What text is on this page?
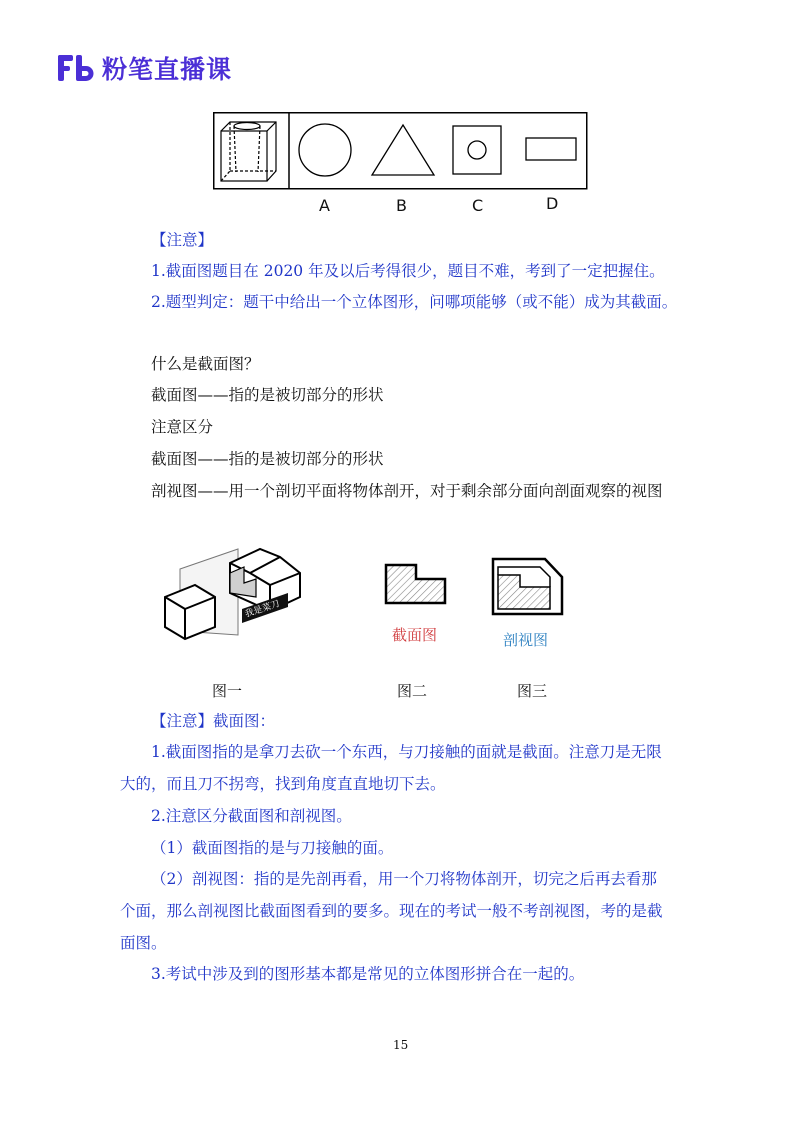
粉笔直播课
A	B	C	D
【注意】
1.截面图题目在 2020 年及以后考得很少，题目不难，考到了一定把握住。
2.题型判定：题干中给出一个立体图形，问哪项能够（或不能）成为其截面。
什么是截面图？
截面图——指的是被切部分的形状
注意区分
截面图——指的是被切部分的形状
剖视图——用一个剖切平面将物体剖开，对于剩余部分面向剖面观察的视图
我是菜刀
截面图	剖视图
图一	图二	图三
【注意】截面图：
1.截面图指的是拿刀去砍一个东西，与刀接触的面就是截面。注意刀是无限
大的，而且刀不拐弯，找到角度直直地切下去。
2.注意区分截面图和剖视图。
（1）截面图指的是与刀接触的面。
（2）剖视图：指的是先剖再看，用一个刀将物体剖开，切完之后再去看那
个面，那么剖视图比截面图看到的要多。现在的考试一般不考剖视图，考的是截
面图。
3.考试中涉及到的图形基本都是常见的立体图形拼合在一起的。
15
